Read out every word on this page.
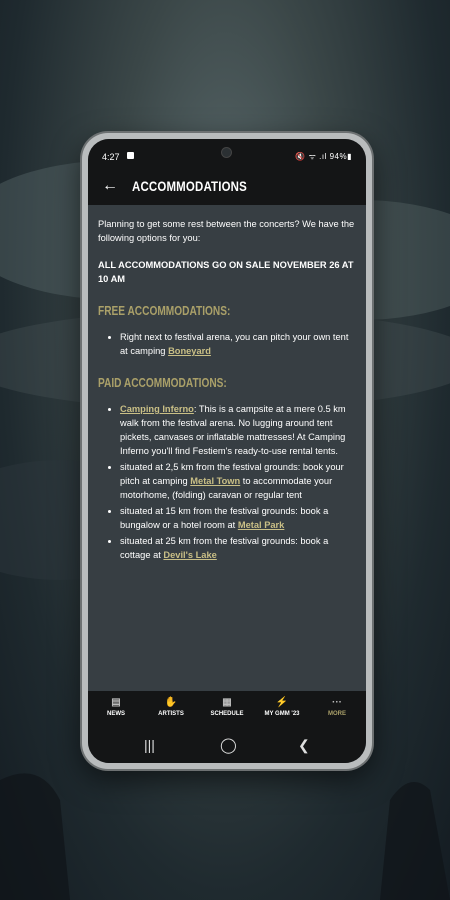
4:27	🔇 ᯤ .ıl 94%▮
← ACCOMMODATIONS

Planning to get some rest between the concerts? We have the following options for you:

ALL ACCOMMODATIONS GO ON SALE NOVEMBER 26 AT 10 AM

FREE ACCOMMODATIONS:
• Right next to festival arena, you can pitch your own tent at camping Boneyard
PAID ACCOMMODATIONS:
• Camping Inferno: This is a campsite at a mere 0.5 km walk from the festival arena. No lugging around tent pickets, canvases or inflatable mattresses! At Camping Inferno you'll find Festiem's ready-to-use rental tents.
• situated at 2,5 km from the festival grounds: book your pitch at camping Metal Town to accommodate your motorhome, (folding) caravan or regular tent
• situated at 15 km from the festival grounds: book a bungalow or a hotel room at Metal Park
• situated at 25 km from the festival grounds: book a cottage at Devil's Lake
▤
NEWS
✋
ARTISTS
▦
SCHEDULE
⚡
MY GMM '23
···
MORE
|||	◯	❮
